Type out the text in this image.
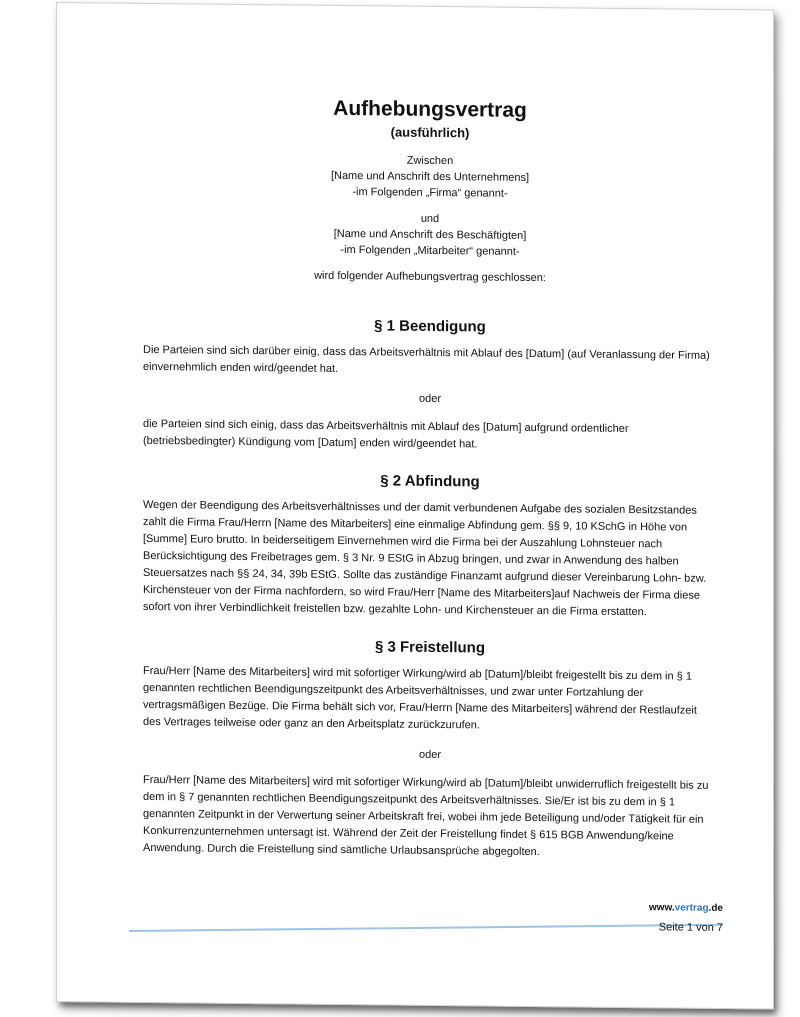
Aufhebungsvertrag
(ausführlich)

Zwischen

[Name und Anschrift des Unternehmens]

-im Folgenden „Firma“ genannt-

und

[Name und Anschrift des Beschäftigten]

-im Folgenden „Mitarbeiter“ genannt-

wird folgender Aufhebungsvertrag geschlossen:

§ 1 Beendigung

Die Parteien sind sich darüber einig, dass das Arbeitsverhältnis mit Ablauf des [Datum] (auf Veranlassung der Firma) einvernehmlich enden wird/geendet hat.

oder

die Parteien sind sich einig, dass das Arbeitsverhältnis mit Ablauf des [Datum] aufgrund ordentlicher (betriebsbedingter) Kündigung vom [Datum] enden wird/geendet hat.

§ 2 Abfindung

Wegen der Beendigung des Arbeitsverhältnisses und der damit verbundenen Aufgabe des sozialen Besitzstandes zahlt die Firma Frau/Herrn [Name des Mitarbeiters] eine einmalige Abfindung gem. §§ 9, 10 KSchG in Höhe von [Summe] Euro brutto. In beiderseitigem Einvernehmen wird die Firma bei der Auszahlung Lohnsteuer nach Berücksichtigung des Freibetrages gem. § 3 Nr. 9 EStG in Abzug bringen, und zwar in Anwendung des halben Steuersatzes nach §§ 24, 34, 39b EStG. Sollte das zuständige Finanzamt aufgrund dieser Vereinbarung Lohn- bzw. Kirchensteuer von der Firma nachfordern, so wird Frau/Herr [Name des Mitarbeiters]auf Nachweis der Firma diese sofort von ihrer Verbindlichkeit freistellen bzw. gezahlte Lohn- und Kirchensteuer an die Firma erstatten.

§ 3 Freistellung

Frau/Herr [Name des Mitarbeiters] wird mit sofortiger Wirkung/wird ab [Datum]/bleibt freigestellt bis zu dem in § 1 genannten rechtlichen Beendigungszeitpunkt des Arbeitsverhältnisses, und zwar unter Fortzahlung der vertragsmäßigen Bezüge. Die Firma behält sich vor, Frau/Herrn [Name des Mitarbeiters] während der Restlaufzeit des Vertrages teilweise oder ganz an den Arbeitsplatz zurückzurufen.

oder

Frau/Herr [Name des Mitarbeiters] wird mit sofortiger Wirkung/wird ab [Datum]/bleibt unwiderruflich freigestellt bis zu dem in § 7 genannten rechtlichen Beendigungszeitpunkt des Arbeitsverhältnisses. Sie/Er ist bis zu dem in § 1 genannten Zeitpunkt in der Verwertung seiner Arbeitskraft frei, wobei ihm jede Beteiligung und/oder Tätigkeit für ein Konkurrenzunternehmen untersagt ist. Während der Zeit der Freistellung findet § 615 BGB Anwendung/keine Anwendung. Durch die Freistellung sind sämtliche Urlaubsansprüche abgegolten.

www.vertrag.de
Seite 1 von 7
